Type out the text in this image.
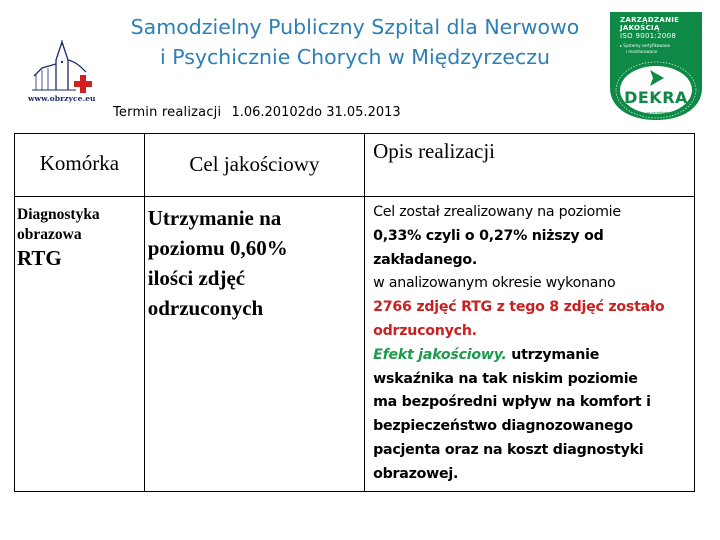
www.obrzyce.eu
Samodzielny Publiczny Szpital dla Nerwowo
i Psychicznie Chorych w Międzyrzeczu
Termin realizacji 1.06.20102do 31.05.2013
ZARZĄDZANIE
JAKOŚCIĄ
ISO 9001:2008
▸ Systemy certyfikowane
i monitorowane
DEKRA
nr certyfikatu
Komórka	Cel jakościowy	Opis realizacji

Diagnostyka
obrazowa
RTG

Utrzymanie na
poziomu 0,60%
ilości zdjęć
odrzuconych

Cel został zrealizowany na poziomie
0,33% czyli o 0,27% niższy od
zakładanego.
w analizowanym okresie wykonano
2766 zdjęć RTG z tego 8 zdjęć zostało
odrzuconych.
Efekt jakościowy. utrzymanie
wskaźnika na tak niskim poziomie
ma bezpośredni wpływ na komfort i
bezpieczeństwo diagnozowanego
pacjenta oraz na koszt diagnostyki
obrazowej.
